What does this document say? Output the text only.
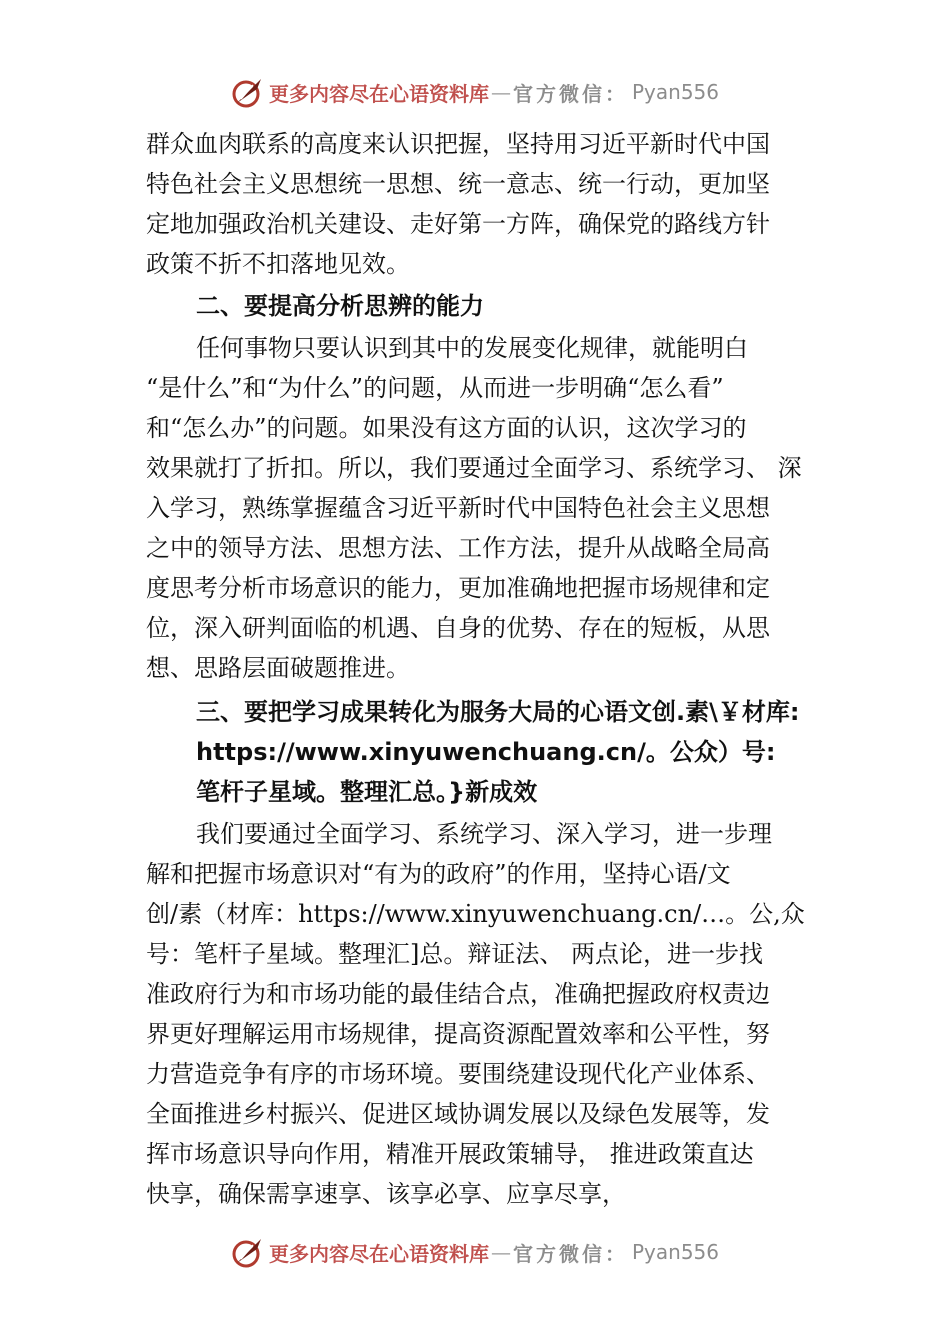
更多内容尽在心语资料库 — 官方微信： Pyan556

群众血肉联系的高度来认识把握，坚持用习近平新时代中国
特色社会主义思想统一思想、统一意志、统一行动，更加坚
定地加强政治机关建设、走好第一方阵，确保党的路线方针
政策不折不扣落地见效。

二、要提高分析思辨的能力

任何事物只要认识到其中的发展变化规律，就能明白
“是什么”和“为什么”的问题，从而进一步明确“怎么看”
和“怎么办”的问题。如果没有这方面的认识，这次学习的
效果就打了折扣。所以，我们要通过全面学习、系统学习、 深
入学习，熟练掌握蕴含习近平新时代中国特色社会主义思想
之中的领导方法、思想方法、工作方法，提升从战略全局高
度思考分析市场意识的能力，更加准确地把握市场规律和定
位，深入研判面临的机遇、自身的优势、存在的短板，从思
想、思路层面破题推进。

三、要把学习成果转化为服务大局的心语文创.素\￥材库:
https://www.xinyuwenchuang.cn/。公众）号:
笔杆子星域。整理汇总。}新成效

我们要通过全面学习、系统学习、深入学习，进一步理
解和把握市场意识对“有为的政府”的作用，坚持心语/文
创/素（材库：https://www.xinyuwenchuang.cn/…。公,众
号：笔杆子星域。整理汇]总。辩证法、 两点论，进一步找
准政府行为和市场功能的最佳结合点，准确把握政府权责边
界更好理解运用市场规律，提高资源配置效率和公平性，努
力营造竞争有序的市场环境。要围绕建设现代化产业体系、
全面推进乡村振兴、促进区域协调发展以及绿色发展等，发
挥市场意识导向作用，精准开展政策辅导， 推进政策直达
快享，确保需享速享、该享必享、应享尽享，

更多内容尽在心语资料库 — 官方微信： Pyan556
